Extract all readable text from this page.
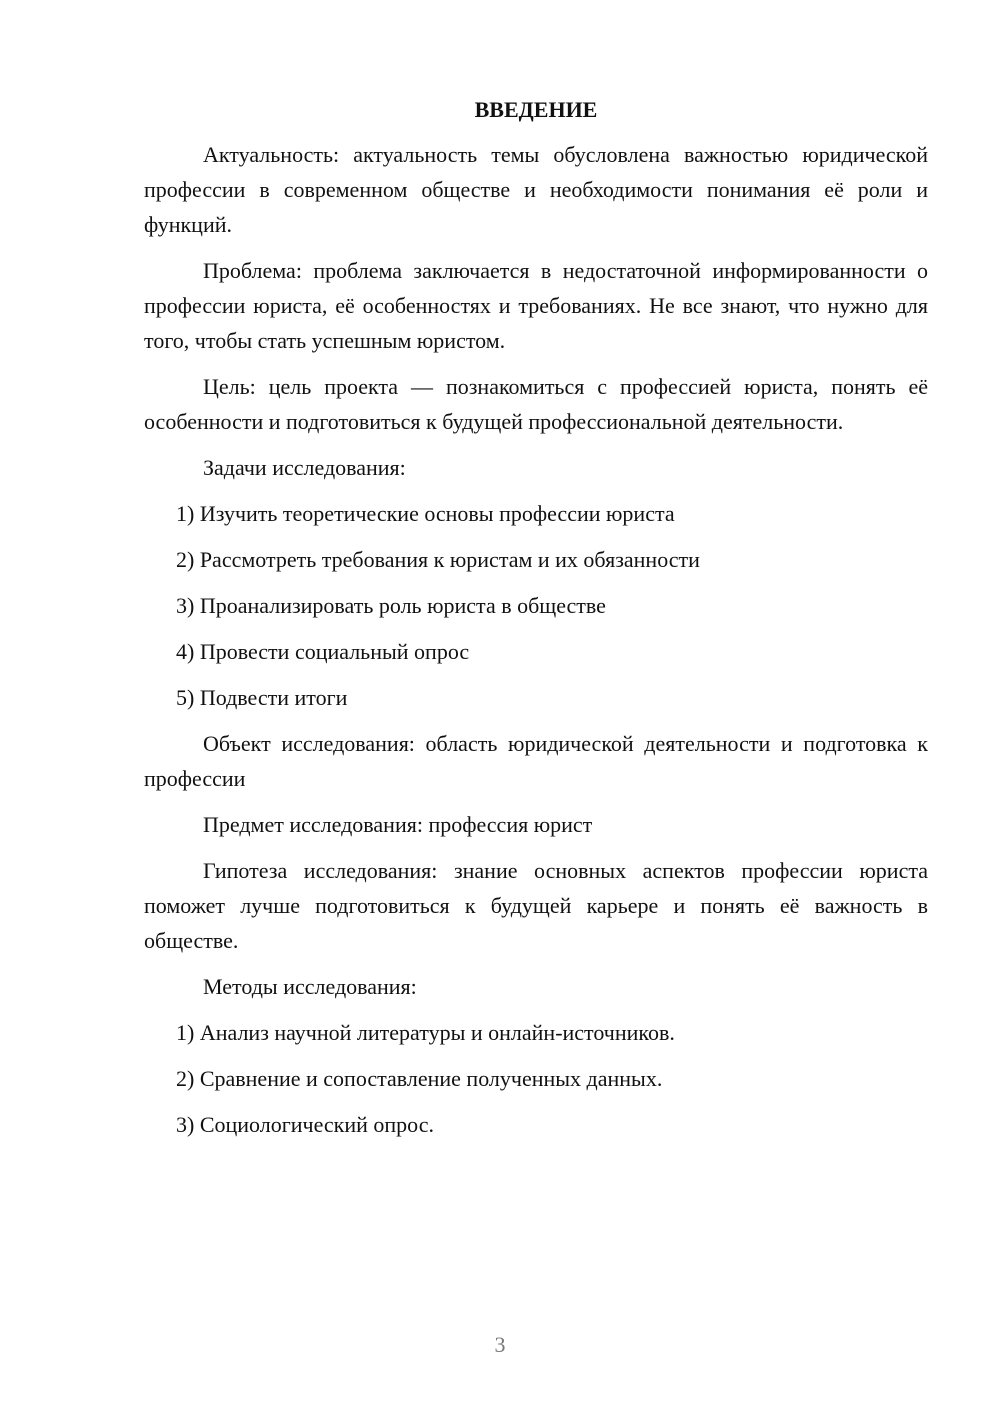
ВВЕДЕНИЕ

Актуальность: актуальность темы обусловлена важностью юридической профессии в современном обществе и необходимости понимания её роли и функций.

Проблема: проблема заключается в недостаточной информированности о профессии юриста, её особенностях и требованиях. Не все знают, что нужно для того, чтобы стать успешным юристом.

Цель: цель проекта — познакомиться с профессией юриста, понять её особенности и подготовиться к будущей профессиональной деятельности.

Задачи исследования:

1) Изучить теоретические основы профессии юриста
2) Рассмотреть требования к юристам и их обязанности
3) Проанализировать роль юриста в обществе
4) Провести социальный опрос
5) Подвести итоги

Объект исследования: область юридической деятельности и подготовка к профессии

Предмет исследования: профессия юрист

Гипотеза исследования: знание основных аспектов профессии юриста поможет лучше подготовиться к будущей карьере и понять её важность в обществе.

Методы исследования:

1) Анализ научной литературы и онлайн-источников.
2) Сравнение и сопоставление полученных данных.
3) Социологический опрос.
3
